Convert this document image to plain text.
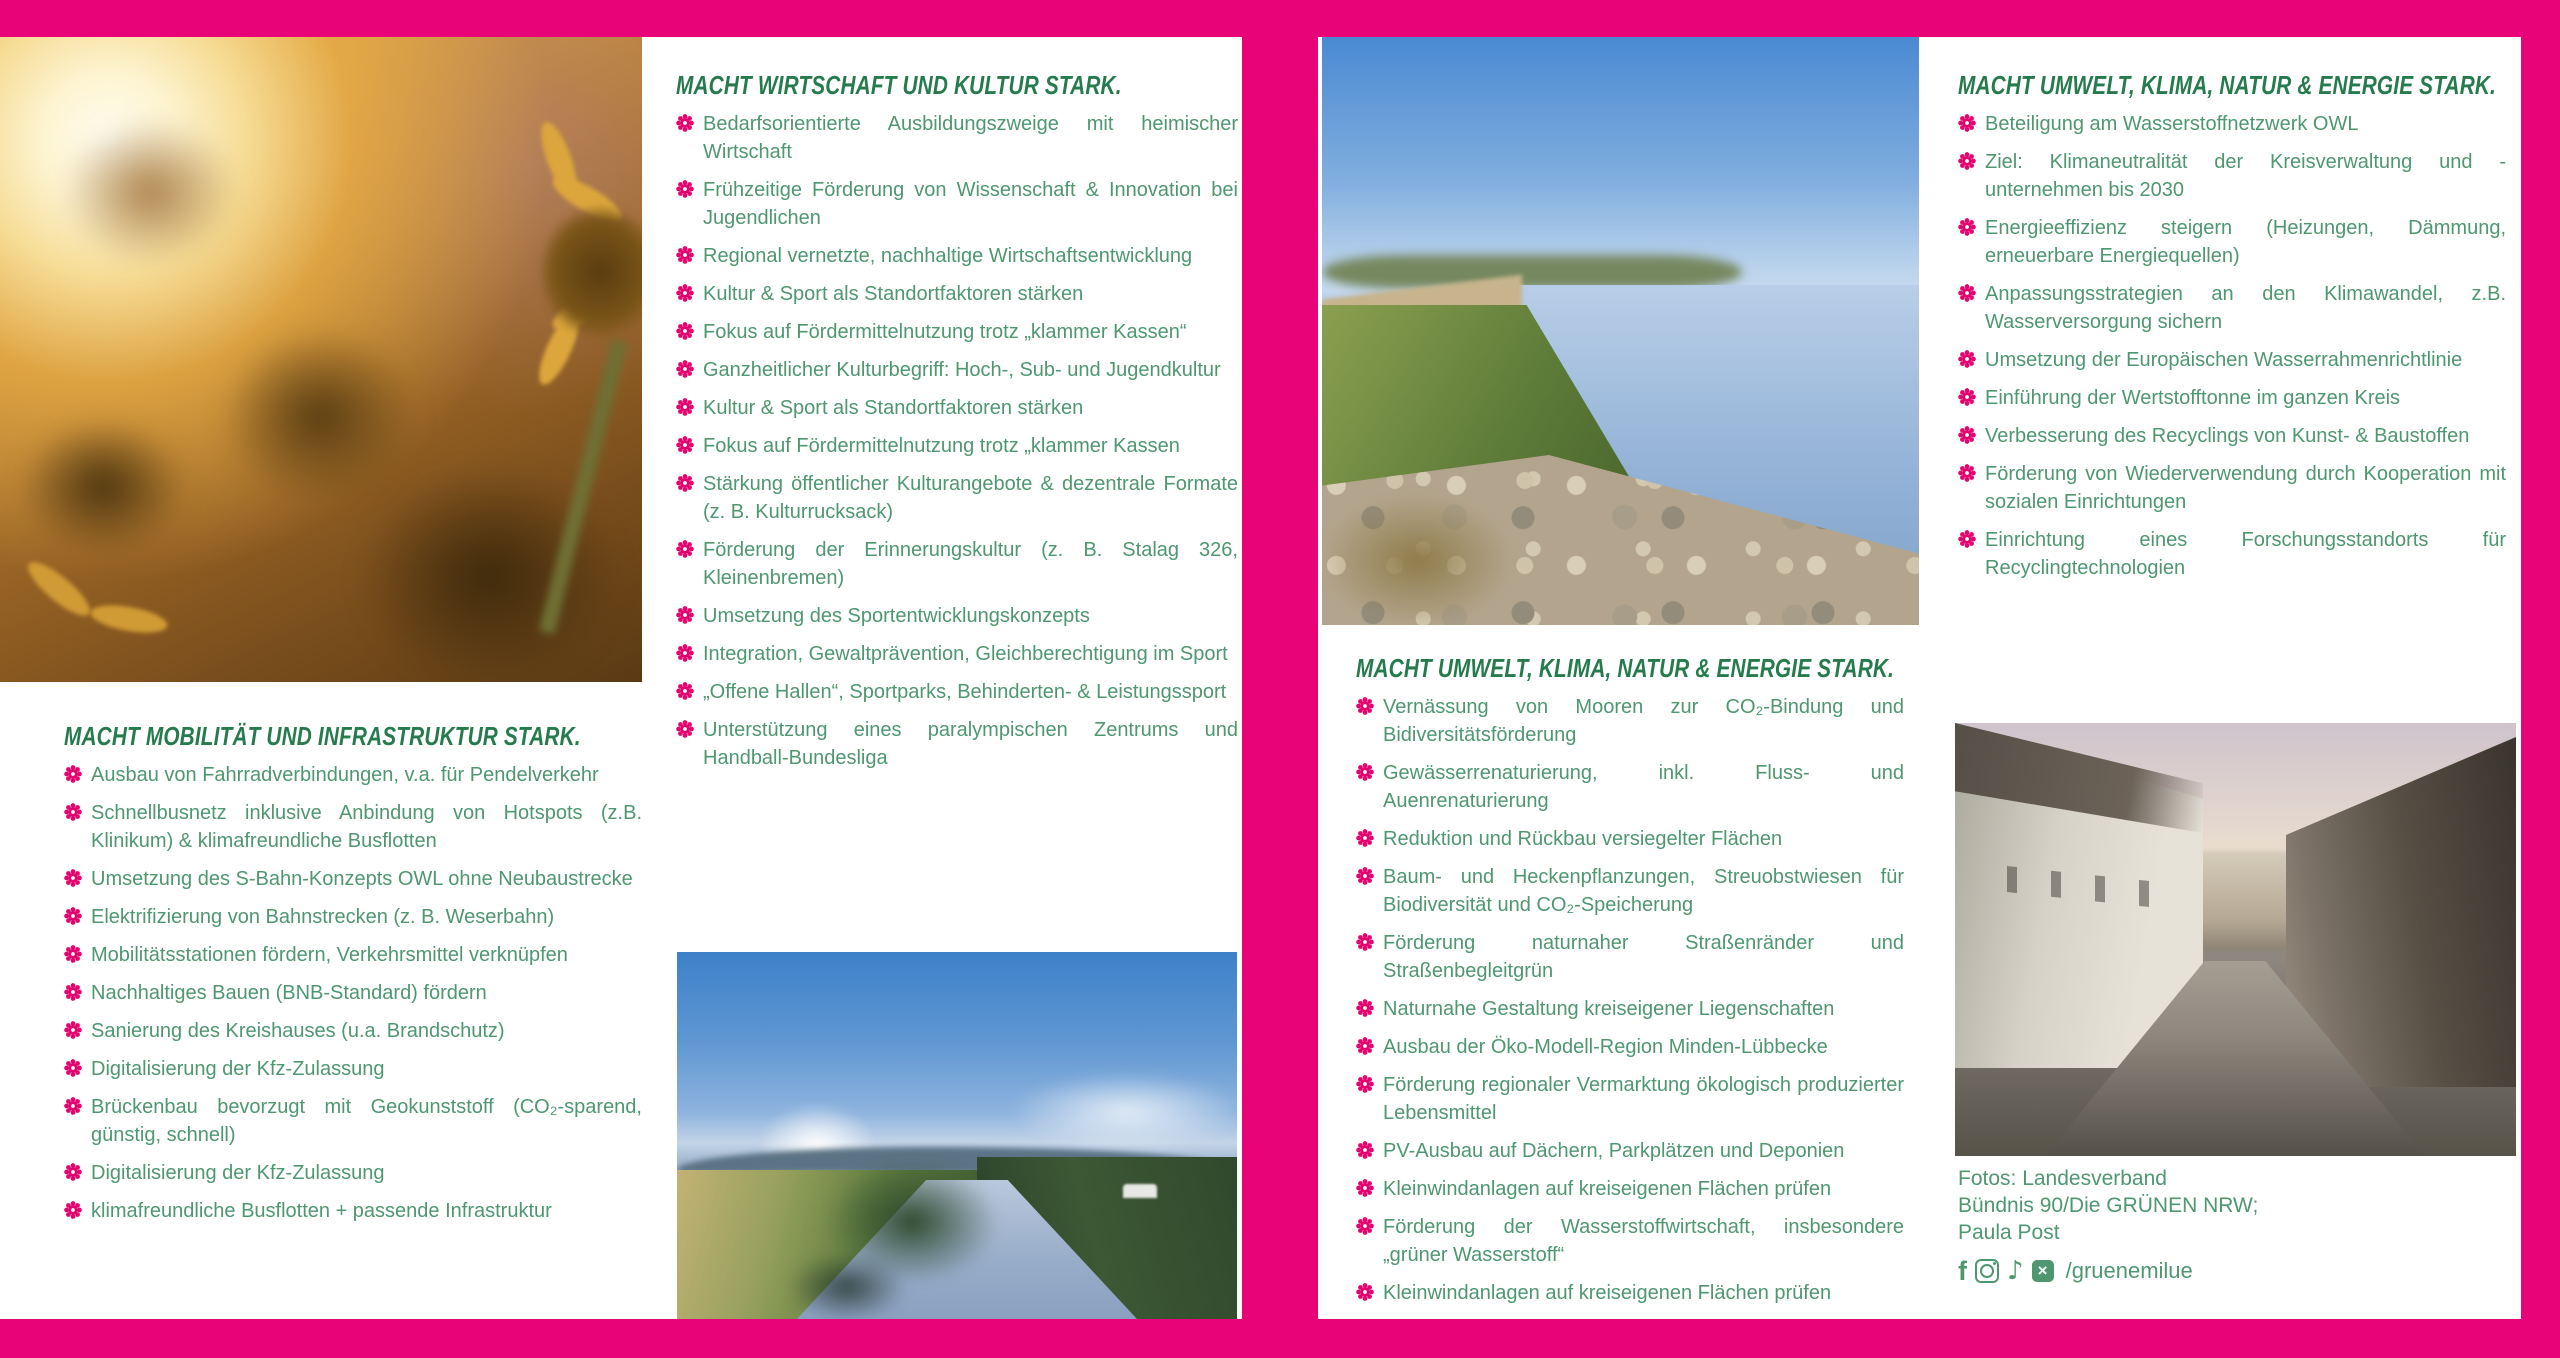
MACHT MOBILITÄT UND INFRASTRUKTUR STARK.
Ausbau von Fahrradverbindungen, v.a. für Pendelverkehr
Schnellbusnetz inklusive Anbindung von Hotspots (z.B. Klinikum) & klimafreundliche Busflotten
Umsetzung des S-Bahn-Konzepts OWL ohne Neubaustrecke
Elektrifizierung von Bahnstrecken (z. B. Weserbahn)
Mobilitätsstationen fördern, Verkehrsmittel verknüpfen
Nachhaltiges Bauen (BNB-Standard) fördern
Sanierung des Kreishauses (u.a. Brandschutz)
Digitalisierung der Kfz-Zulassung
Brückenbau bevorzugt mit Geokunststoff (CO₂-sparend, günstig, schnell)
Digitalisierung der Kfz-Zulassung
klimafreundliche Busflotten + passende Infrastruktur
MACHT WIRTSCHAFT UND KULTUR STARK.
Bedarfsorientierte Ausbildungszweige mit heimischer Wirtschaft
Frühzeitige Förderung von Wissenschaft & Innovation bei Jugendlichen
Regional vernetzte, nachhaltige Wirtschaftsentwicklung
Kultur & Sport als Standortfaktoren stärken
Fokus auf Fördermittelnutzung trotz „klammer Kassen“
Ganzheitlicher Kulturbegriff: Hoch-, Sub- und Jugendkultur
Kultur & Sport als Standortfaktoren stärken
Fokus auf Fördermittelnutzung trotz „klammer Kassen
Stärkung öffentlicher Kulturangebote & dezentrale Formate (z. B. Kulturrucksack)
Förderung der Erinnerungskultur (z. B. Stalag 326, Kleinenbremen)
Umsetzung des Sportentwicklungskonzepts
Integration, Gewaltprävention, Gleichberechtigung im Sport
„Offene Hallen“, Sportparks, Behinderten- & Leistungssport
Unterstützung eines paralympischen Zentrums und Handball-Bundesliga
MACHT UMWELT, KLIMA, NATUR & ENERGIE STARK.
Vernässung von Mooren zur CO₂-Bindung und Bidiversitätsförderung
Gewässerrenaturierung, inkl. Fluss- und Auenrenaturierung
Reduktion und Rückbau versiegelter Flächen
Baum- und Heckenpflanzungen, Streuobstwiesen für Biodiversität und CO₂-Speicherung
Förderung naturnaher Straßenränder und Straßenbegleitgrün
Naturnahe Gestaltung kreiseigener Liegenschaften
Ausbau der Öko-Modell-Region Minden-Lübbecke
Förderung regionaler Vermarktung ökologisch produzierter Lebensmittel
PV-Ausbau auf Dächern, Parkplätzen und Deponien
Kleinwindanlagen auf kreiseigenen Flächen prüfen
Förderung der Wasserstoffwirtschaft, insbesondere „grüner Wasserstoff“
Kleinwindanlagen auf kreiseigenen Flächen prüfen
MACHT UMWELT, KLIMA, NATUR & ENERGIE STARK.
Beteiligung am Wasserstoffnetzwerk OWL
Ziel: Klimaneutralität der Kreisverwaltung und -unternehmen bis 2030
Energieeffizienz steigern (Heizungen, Dämmung, erneuerbare Energiequellen)
Anpassungsstrategien an den Klimawandel, z.B. Wasserversorgung sichern
Umsetzung der Europäischen Wasserrahmenrichtlinie
Einführung der Wertstofftonne im ganzen Kreis
Verbesserung des Recyclings von Kunst- & Baustoffen
Förderung von Wiederverwendung durch Kooperation mit sozialen Einrichtungen
Einrichtung eines Forschungsstandorts für Recyclingtechnologien
Fotos: Landesverband
Bündnis 90/Die GRÜNEN NRW;
Paula Post
f ♪ × /gruenemilue
